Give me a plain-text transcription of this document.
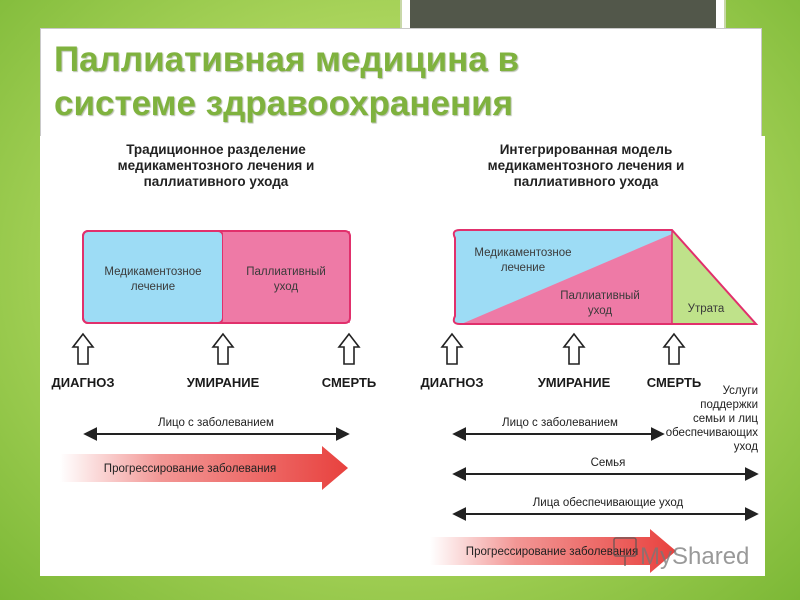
Паллиативная медицина в
системе здравоохранения
Традиционное разделение
медикаментозного лечения и
паллиативного ухода
Медикаментозное
лечение
Паллиативный
уход
ДИАГНОЗ	УМИРАНИЕ	СМЕРТЬ
Лицо с заболеванием
Прогрессирование заболевания
Интегрированная модель
медикаментозного лечения и
паллиативного ухода
Медикаментозное
лечение
Паллиативный
уход	Утрата
ДИАГНОЗ	УМИРАНИЕ	СМЕРТЬ
Лицо с заболеванием
Услуги
поддержки
семьи и лиц
обеспечивающих
уход
Семья
Лица обеспечивающие уход
Прогрессирование заболевания MyShared
